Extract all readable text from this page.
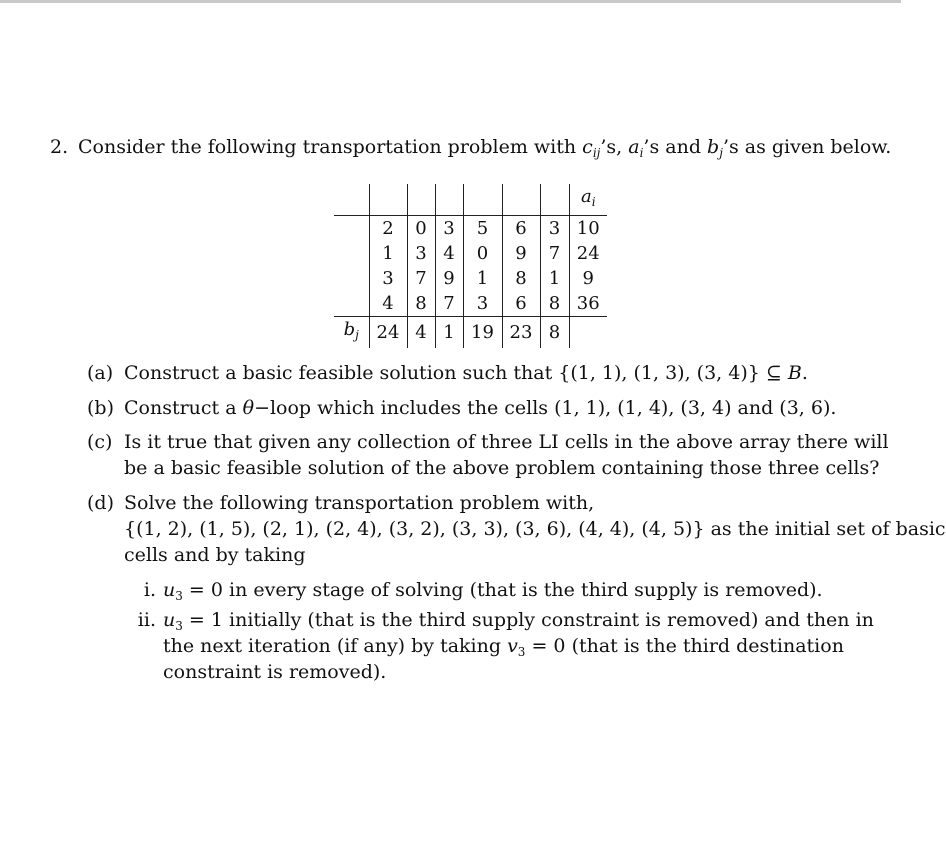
2. Consider the following transportation problem with $c_{ij}’s$, $a_i’s$ and $b_j’s$ as given below.
							$a_i$
	2	0	3	5	6	3	10
	1	3	4	0	9	7	24
	3	7	9	1	8	1	9
	4	8	7	3	6	8	36
$b_j$	24	4	1	19	23	8	
(a) Construct a basic feasible solution such that {(1, 1), (1, 3), (3, 4)} ⊆ B.
(b) Construct a θ−loop which includes the cells (1, 1), (1, 4), (3, 4) and (3, 6).
(c) Is it true that given any collection of three LI cells in the above array there will
be a basic feasible solution of the above problem containing those three cells?
(d) Solve the following transportation problem with,
{(1, 2), (1, 5), (2, 1), (2, 4), (3, 2), (3, 3), (3, 6), (4, 4), (4, 5)} as the initial set of basic
cells and by taking
i. $u_3 = 0$ in every stage of solving (that is the third supply is removed).
ii. $u_3 = 1$ initially (that is the third supply constraint is removed) and then in
the next iteration (if any) by taking $v_3 = 0$ (that is the third destination
constraint is removed).
